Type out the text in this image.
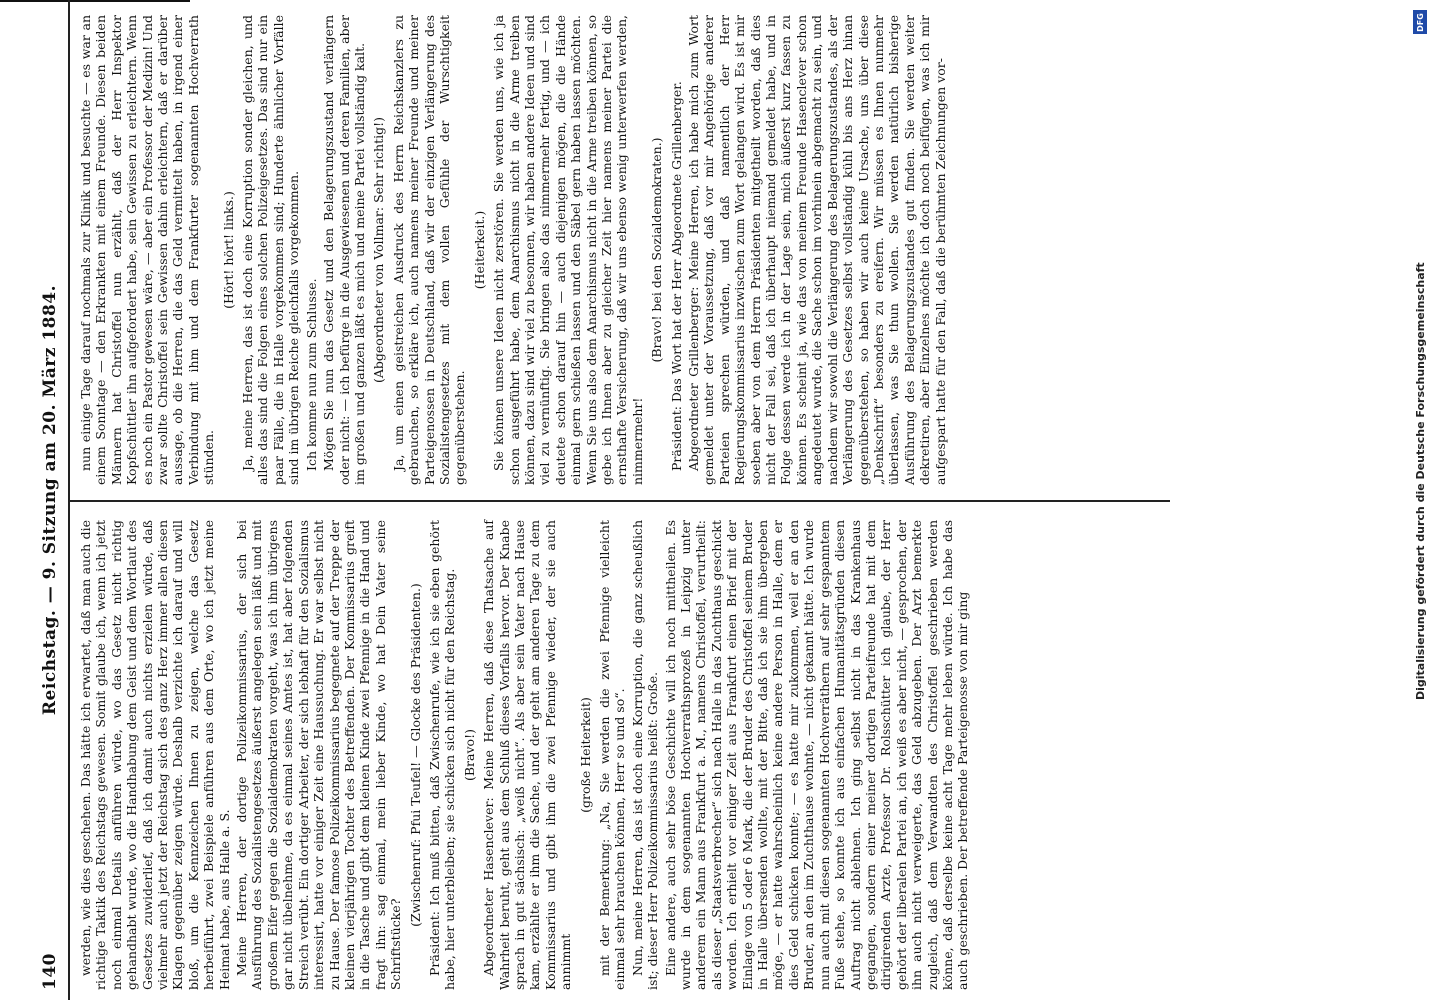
140
Reichstag. — 9. Sitzung am 20. März 1884.

werden, wie dies geschehen. Das hätte ich erwartet, daß man auch die richtige Taktik des Reichstags gewesen. Somit glaube ich, wenn ich jetzt noch einmal Details anführen würde, wo das Gesetz nicht richtig gehandhabt wurde, wo die Handhabung dem Geist und dem Wortlaut des Gesetzes zuwiderlief, daß ich damit auch nichts erzielen würde, daß vielmehr auch jetzt der Reichstag sich des ganz Herz immer allen diesen Klagen gegenüber zeigen würde. Deshalb verzichte ich darauf und will bloß, um die Kennzeichen Ihnen zu zeigen, welche das Gesetz herbeiführt, zwei Beispiele anführen aus dem Orte, wo ich jetzt meine Heimat habe, aus Halle a. S. Meine Herren, der dortige Polizeikommissarius, der sich bei Ausführung des Sozialistengesetzes äußerst angelegen sein läßt und mit großem Eifer gegen die Sozialdemokraten vorgeht, was ich ihm übrigens gar nicht übelnehme, da es einmal seines Amtes ist, hat aber folgenden Streich verübt. Ein dortiger Arbeiter, der sich lebhaft für den Sozialismus interessirt, hatte vor einiger Zeit eine Haussuchung. Er war selbst nicht zu Hause. Der famose Polizeikommissarius begegnete auf der Treppe der kleinen vierjährigen Tochter des Betreffenden. Der Kommissarius greift in die Tasche und gibt dem kleinen Kinde zwei Pfennige in die Hand und fragt ihn: sag einmal, mein lieber Kinde, wo hat Dein Vater seine Schriftstücke?

(Zwischenruf: Pfui Teufel! — Glocke des Präsidenten.) Präsident: Ich muß bitten, daß Zwischenrufe, wie ich sie eben gehört habe, hier unterbleiben; sie schicken sich nicht für den Reichstag. (Bravo!) Abgeordneter Hasenclever: Meine Herren, daß diese Thatsache auf Wahrheit beruht, geht aus dem Schluß dieses Vorfalls hervor. Der Knabe sprach in gut sächsisch: „weiß nicht“. Als aber sein Vater nach Hause kam, erzählte er ihm die Sache, und der geht am anderen Tage zu dem Kommissarius und gibt ihm die zwei Pfennige wieder, der sie auch annimmt

(große Heiterkeit) mit der Bemerkung: „Na, Sie werden die zwei Pfennige vielleicht einmal sehr brauchen können, Herr so und so“. Nun, meine Herren, das ist doch eine Korruption, die ganz scheußlich ist; dieser Herr Polizeikommissarius heißt: Große. Eine andere, auch sehr böse Geschichte will ich noch mittheilen. Es wurde in dem sogenannten Hochverrathsprozeß in Leipzig unter anderem ein Mann aus Frankfurt a. M., namens Christoffel, verurtheilt: als dieser „Staatsverbrecher“ sich nach Halle in das Zuchthaus geschickt worden. Ich erhielt vor einiger Zeit aus Frankfurt einen Brief mit der Einlage von 5 oder 6 Mark, die der Bruder des Christoffel seinem Bruder in Halle übersenden wollte, mit der Bitte, daß ich sie ihm übergeben möge, — er hatte wahrscheinlich keine andere Person in Halle, dem er dies Geld schicken konnte; — es hatte mir zukommen, weil er an den Bruder, an den im Zuchthause wohnte, — nicht gekannt hätte. Ich wurde nun auch mit diesen sogenannten Hochverräthern auf sehr gespanntem Fuße stehe, so konnte ich aus einfachen Humanitätsgründen diesen Auftrag nicht ablehnen. Ich ging selbst nicht in das Krankenhaus gegangen, sondern einer meiner dortigen Parteifreunde hat mit dem dirigirenden Arzte, Professor Dr. Rolsschütter ich glaube, der Herr gehört der liberalen Partei an, ich weiß es aber nicht, — gesprochen, der ihn auch nicht verweigerte, das Geld abzugeben. Der Arzt bemerkte zugleich, daß dem Verwandten des Christoffel geschrieben werden könne, daß derselbe keine acht Tage mehr leben würde. Ich habe das auch geschrieben. Der betreffende Parteigenosse von mir ging

nun einige Tage darauf nochmals zur Klinik und besuchte — es war an einem Sonntage — den Erkrankten mit einem Freunde. Diesen beiden Männern hat Christoffel nun erzählt, daß der Herr Inspektor Kopfschüttler ihn aufgefordert habe, sein Gewissen zu erleichtern. Wenn es noch ein Pastor gewesen wäre, — aber ein Professor der Medizin! Und zwar sollte Christoffel sein Gewissen dahin erleichtern, daß er darüber aussage, ob die Herren, die das Geld vermittelt haben, in irgend einer Verbindung mit ihm und dem Frankfurter sogenannten Hochverrath stünden.

(Hört! hört! links.) Ja, meine Herren, das ist doch eine Korruption sonder gleichen, und alles das sind die Folgen eines solchen Polizeigesetzes. Das sind nur ein paar Fälle, die in Halle vorgekommen sind; Hunderte ähnlicher Vorfälle sind im übrigen Reiche gleichfalls vorgekommen. Ich komme nun zum Schlusse. Mögen Sie nun das Gesetz und den Belagerungszustand verlängern oder nicht: — ich befürge in die Ausgewiesenen und deren Familien, aber im großen und ganzen läßt es mich und meine Partei vollständig kalt. (Abgeordneter von Vollmar: Sehr richtig!) Ja, um einen geistreichen Ausdruck des Herrn Reichskanzlers zu gebrauchen, so erkläre ich, auch namens meiner Freunde und meiner Parteigenossen in Deutschland, daß wir der einzigen Verlängerung des Sozialistengesetzes mit dem vollen Gefühle der Wurschtigkeit gegenüberstehen.

(Heiterkeit.) Sie können unsere Ideen nicht zerstören. Sie werden uns, wie ich ja schon ausgeführt habe, dem Anarchismus nicht in die Arme treiben können, dazu sind wir viel zu besonnen, wir haben andere Ideen und sind viel zu vernünftig. Sie bringen also das nimmermehr fertig, und — ich deutete schon darauf hin — auch diejenigen mögen, die die Hände einmal gern schießen lassen und den Säbel gern haben lassen möchten. Wenn Sie uns also dem Anarchismus nicht in die Arme treiben können, so gebe ich Ihnen aber zu gleicher Zeit hier namens meiner Partei die ernsthafte Versicherung, daß wir uns ebenso wenig unterwerfen werden, nimmermehr!

(Bravo! bei den Sozialdemokraten.) Präsident: Das Wort hat der Herr Abgeordnete Grillenberger. Abgeordneter Grillenberger: Meine Herren, ich habe mich zum Wort gemeldet unter der Voraussetzung, daß vor mir Angehörige anderer Parteien sprechen würden, und daß namentlich der Herr Regierungskommissarius inzwischen zum Wort gelangen wird. Es ist mir soeben aber von dem Herrn Präsidenten mitgetheilt worden, daß dies nicht der Fall sei, daß ich überhaupt niemand gemeldet habe, und in Folge dessen werde ich in der Lage sein, mich äußerst kurz fassen zu können. Es scheint ja, wie das von meinem Freunde Hasenclever schon angedeutet wurde, die Sache schon im vorhinein abgemacht zu sein, und nachdem wir sowohl die Verlängerung des Belagerungszustandes, als der Verlängerung des Gesetzes selbst vollständig kühl bis ans Herz hinan gegenüberstehen, so haben wir auch keine Ursache, uns über diese „Denkschrift“ besonders zu ereifern. Wir müssen es Ihnen nunmehr überlassen, was Sie thun wollen. Sie werden natürlich bisherige Ausführung des Belagerungszustandes gut finden. Sie werden weiter dekretiren, aber Einzelnes möchte ich doch noch beifügen, was ich mir aufgespart hatte für den Fall, daß die berühmten Zeichnungen vor-

DFG
Digitalisierung gefördert durch die Deutsche Forschungsgemeinschaft
